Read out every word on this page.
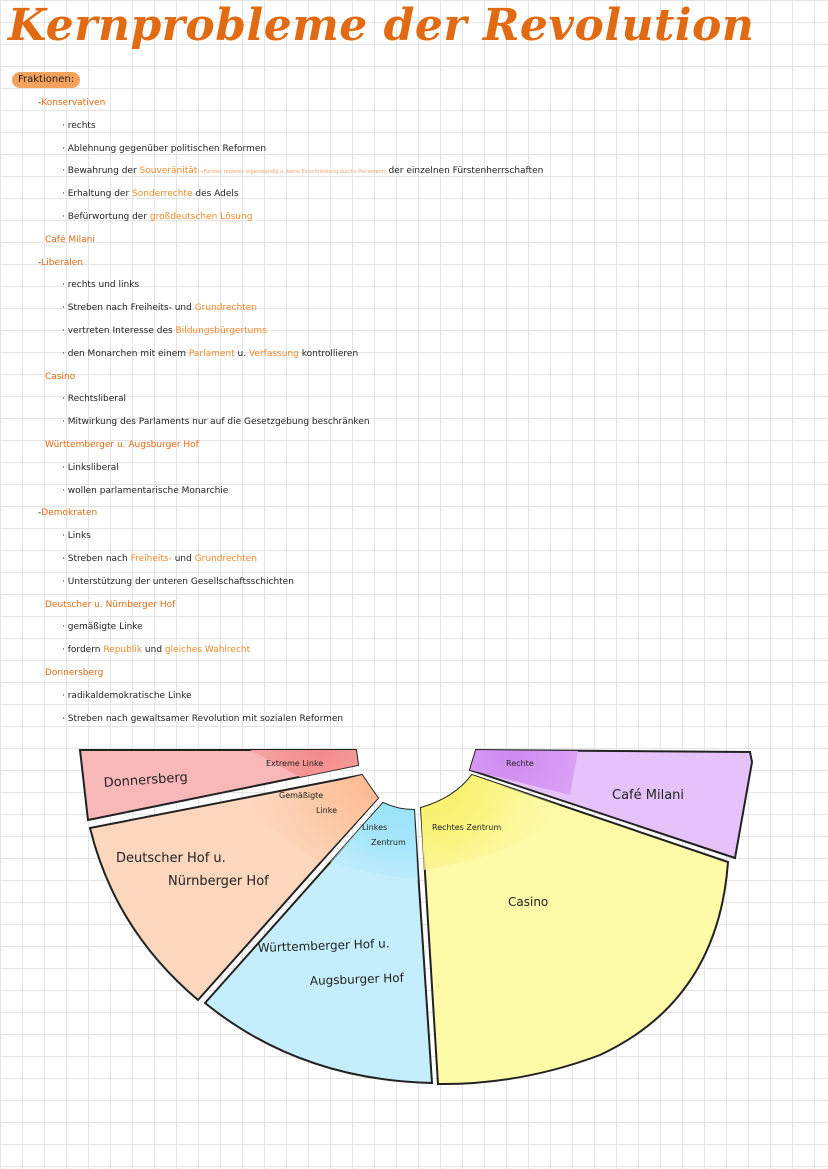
Kernprobleme der Revolution
Fraktionen:
-Konservativen
· rechts
· Ablehnung gegenüber politischen Reformen
· Bewahrung der Souveränität(→Fürsten regieren eigenständig u. keine Einschränkung durchs Parlament) der einzelnen Fürstenherrschaften
· Erhaltung der Sonderrechte des Adels
· Befürwortung der großdeutschen Lösung
Café Milani
-Liberalen
· rechts und links
· Streben nach Freiheits- und Grundrechten
· vertreten Interesse des Bildungsbürgertums
· den Monarchen mit einem Parlament u. Verfassung kontrollieren
Casino
· Rechtsliberal
· Mitwirkung des Parlaments nur auf die Gesetzgebung beschränken
Württemberger u. Augsburger Hof
· Linksliberal
· wollen parlamentarische Monarchie
-Demokraten
· Links
· Streben nach Freiheits- und Grundrechten
· Unterstützung der unteren Gesellschaftsschichten
Deutscher u. Nürnberger Hof
· gemäßigte Linke
· fordern Republik und gleiches Wahlrecht
Donnersberg
· radikaldemokratische Linke
· Streben nach gewaltsamer Revolution mit sozialen Reformen
Donnersberg
Extreme Linke
Gemäßigte
Linke
Deutscher Hof u.
Nürnberger Hof
Linkes
Zentrum
Württemberger Hof u.
Augsburger Hof
Rechtes Zentrum
Casino
Rechte
Café Milani
